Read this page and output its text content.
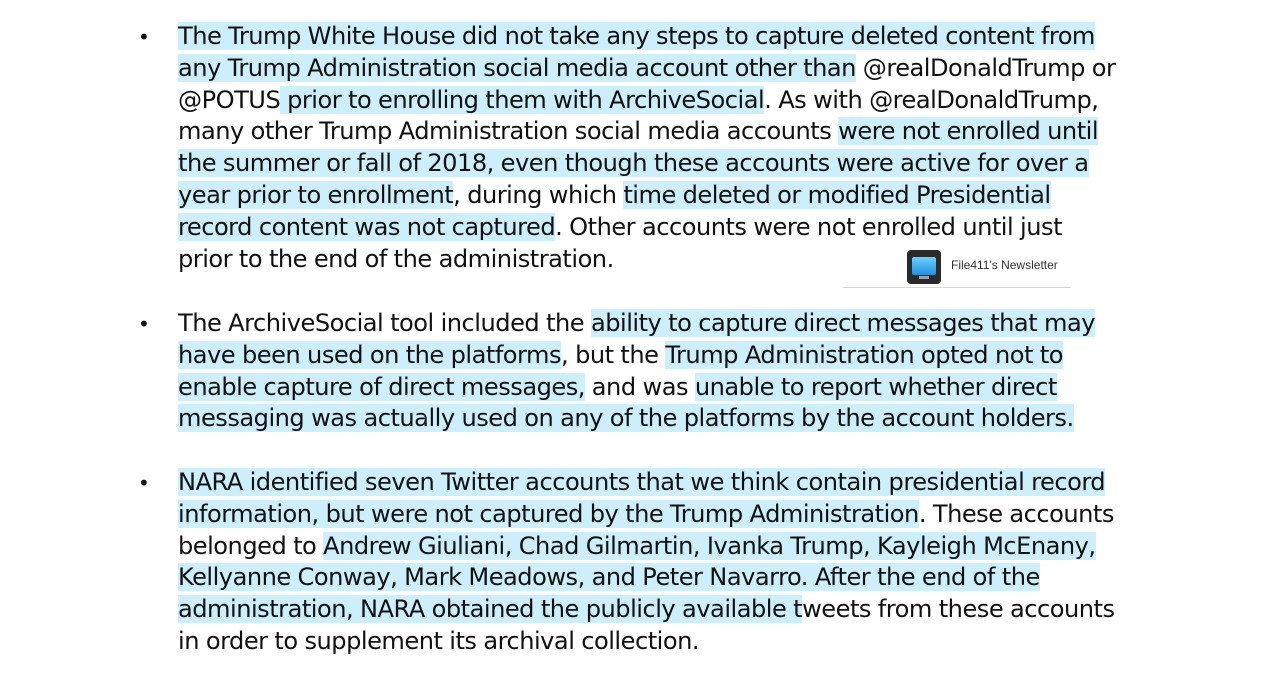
• The Trump White House did not take any steps to capture deleted content from
any Trump Administration social media account other than @realDonaldTrump or
@POTUS prior to enrolling them with ArchiveSocial. As with @realDonaldTrump,
many other Trump Administration social media accounts were not enrolled until
the summer or fall of 2018, even though these accounts were active for over a
year prior to enrollment, during which time deleted or modified Presidential
record content was not captured. Other accounts were not enrolled until just
prior to the end of the administration.	File411's Newsletter
• The ArchiveSocial tool included the ability to capture direct messages that may
have been used on the platforms, but the Trump Administration opted not to
enable capture of direct messages, and was unable to report whether direct
messaging was actually used on any of the platforms by the account holders.

• NARA identified seven Twitter accounts that we think contain presidential record
information, but were not captured by the Trump Administration. These accounts
belonged to Andrew Giuliani, Chad Gilmartin, Ivanka Trump, Kayleigh McEnany,
Kellyanne Conway, Mark Meadows, and Peter Navarro. After the end of the
administration, NARA obtained the publicly available tweets from these accounts
in order to supplement its archival collection.
